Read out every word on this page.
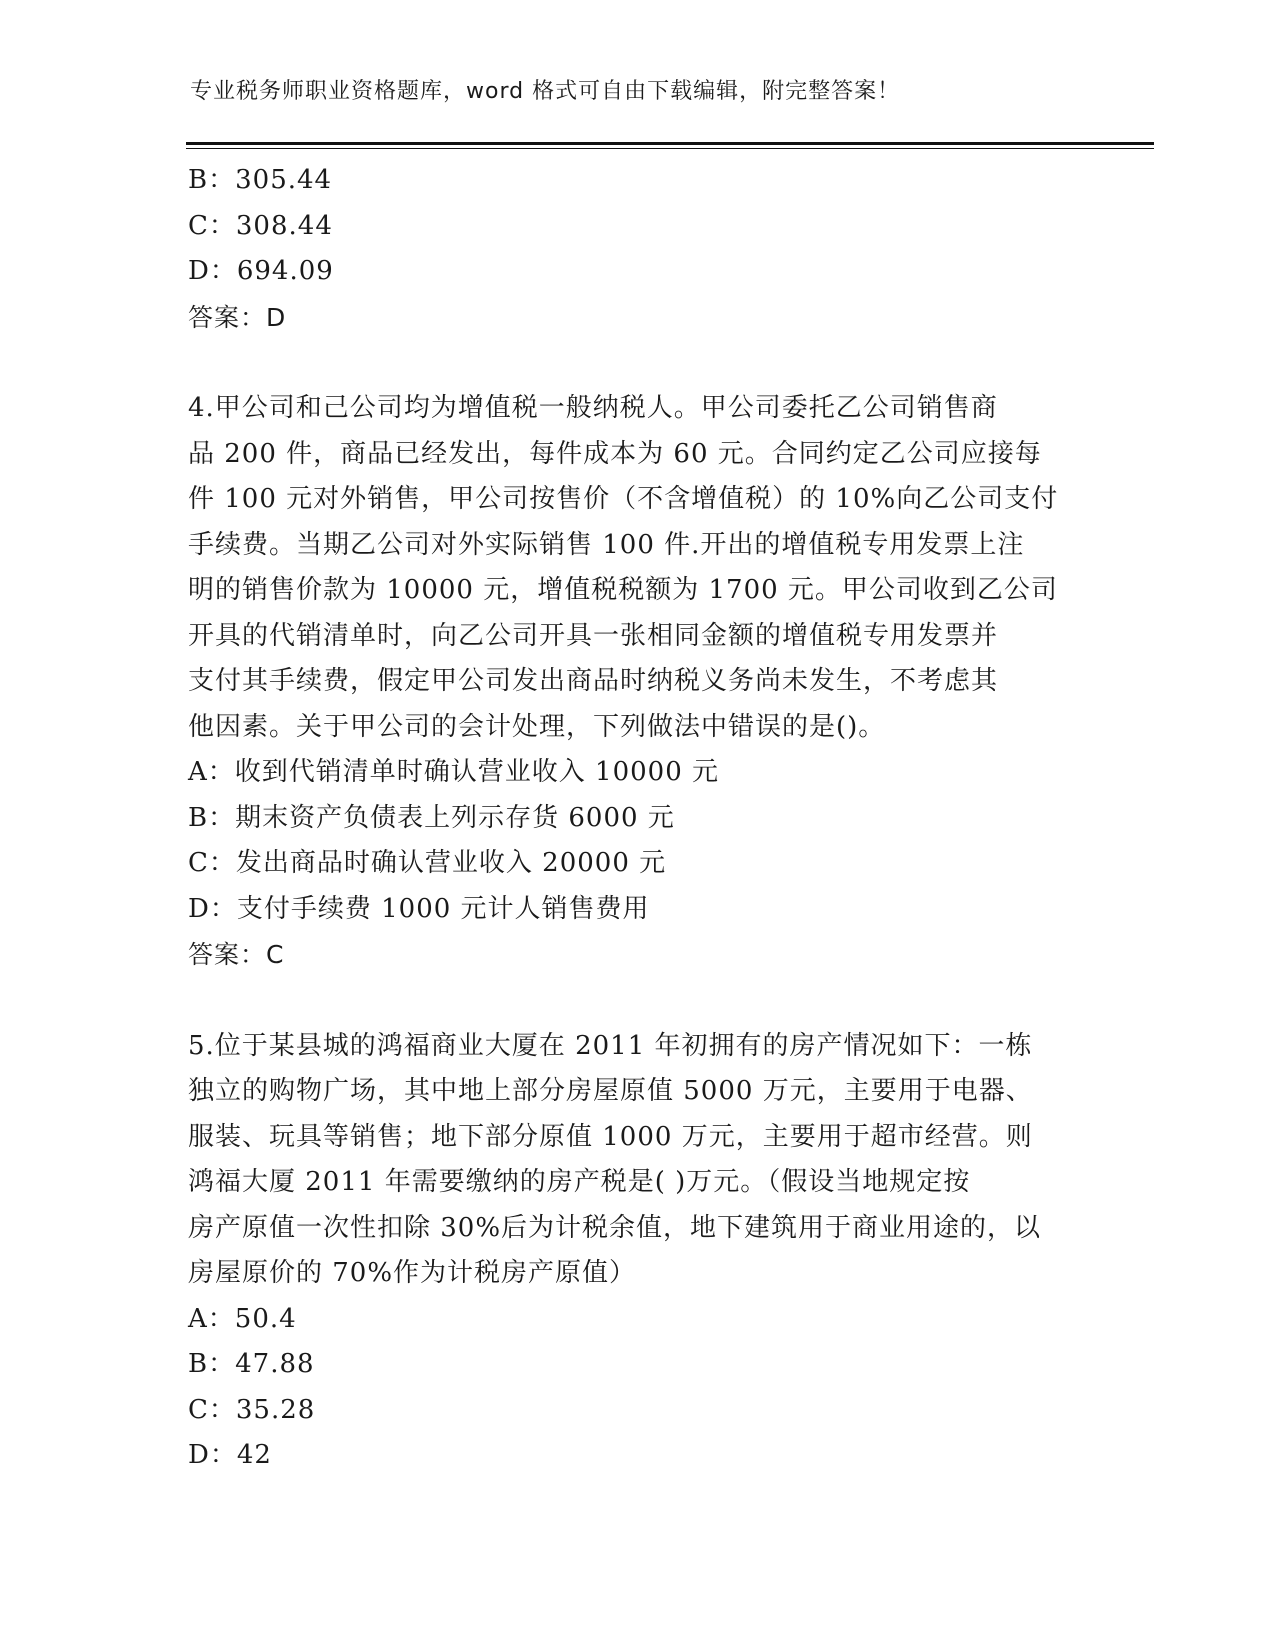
专业税务师职业资格题库，word 格式可自由下载编辑，附完整答案！
B：305.44
C：308.44
D：694.09
答案：D
4.甲公司和己公司均为增值税一般纳税人。甲公司委托乙公司销售商
品 200 件，商品已经发出，每件成本为 60 元。合同约定乙公司应接每
件 100 元对外销售，甲公司按售价（不含增值税）的 10%向乙公司支付
手续费。当期乙公司对外实际销售 100 件.开出的增值税专用发票上注
明的销售价款为 10000 元，增值税税额为 1700 元。甲公司收到乙公司
开具的代销清单时，向乙公司开具一张相同金额的增值税专用发票并
支付其手续费，假定甲公司发出商品时纳税义务尚未发生，不考虑其
他因素。关于甲公司的会计处理，下列做法中错误的是()。
A：收到代销清单时确认营业收入 10000 元
B：期末资产负债表上列示存货 6000 元
C：发出商品时确认营业收入 20000 元
D：支付手续费 1000 元计人销售费用
答案：C
5.位于某县城的鸿福商业大厦在 2011 年初拥有的房产情况如下：一栋
独立的购物广场，其中地上部分房屋原值 5000 万元，主要用于电器、
服装、玩具等销售；地下部分原值 1000 万元，主要用于超市经营。则
鸿福大厦 2011 年需要缴纳的房产税是( )万元。（假设当地规定按
房产原值一次性扣除 30%后为计税余值，地下建筑用于商业用途的，以
房屋原价的 70%作为计税房产原值）
A：50.4
B：47.88
C：35.28
D：42
